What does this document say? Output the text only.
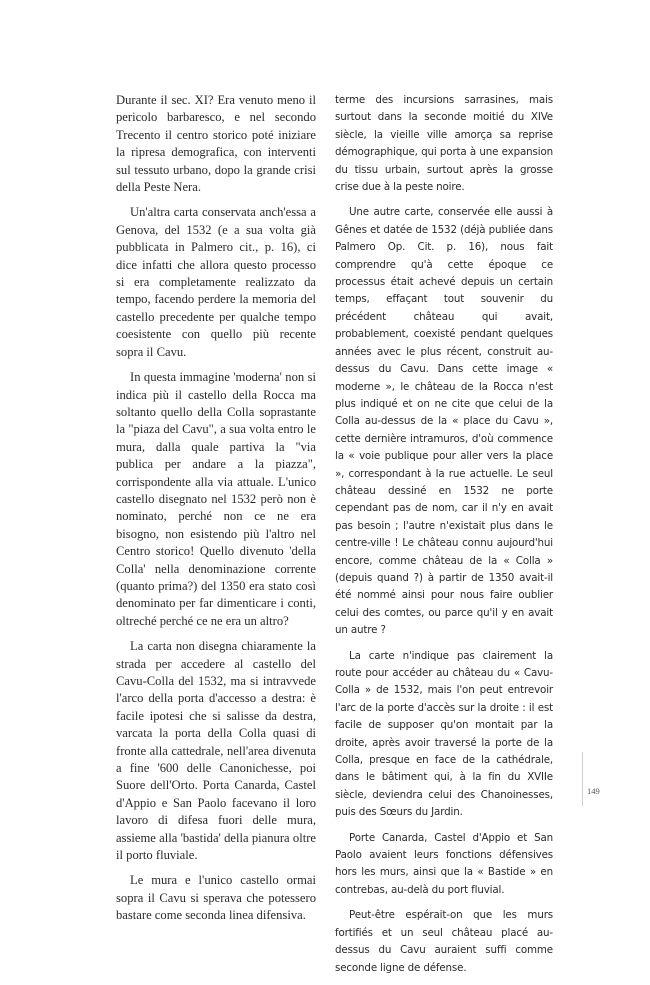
Durante il sec. XI? Era venuto meno il pericolo barbaresco, e nel secondo Trecento il centro storico poté iniziare la ripresa demografica, con interventi sul tessuto urbano, dopo la grande crisi della Peste Nera.

Un'altra carta conservata anch'essa a Genova, del 1532 (e a sua volta già pubblicata in Palmero cit., p. 16), ci dice infatti che allora questo processo si era completamente realizzato da tempo, facendo perdere la memoria del castello precedente per qualche tempo coesistente con quello più recente sopra il Cavu.

In questa immagine 'moderna' non si indica più il castello della Rocca ma soltanto quello della Colla soprastante la "piaza del Cavu", a sua volta entro le mura, dalla quale partiva la "via publica per andare a la piazza", corrispondente alla via attuale. L'unico castello disegnato nel 1532 però non è nominato, perché non ce ne era bisogno, non esistendo più l'altro nel Centro storico! Quello divenuto 'della Colla' nella denominazione corrente (quanto prima?) del 1350 era stato così denominato per far dimenticare i conti, oltreché perché ce ne era un altro?

La carta non disegna chiaramente la strada per accedere al castello del Cavu-Colla del 1532, ma si intravvede l'arco della porta d'accesso a destra: è facile ipotesi che si salisse da destra, varcata la porta della Colla quasi di fronte alla cattedrale, nell'area divenuta a fine '600 delle Canonichesse, poi Suore dell'Orto. Porta Canarda, Castel d'Appio e San Paolo facevano il loro lavoro di difesa fuori delle mura, assieme alla 'bastida' della pianura oltre il porto fluviale.

Le mura e l'unico castello ormai sopra il Cavu si sperava che potessero bastare come seconda linea difensiva.

terme des incursions sarrasines, mais surtout dans la seconde moitié du XIVe siècle, la vieille ville amorça sa reprise démographique, qui porta à une expansion du tissu urbain, surtout après la grosse crise due à la peste noire.

Une autre carte, conservée elle aussi à Gênes et datée de 1532 (déjà publiée dans Palmero Op. Cit. p. 16), nous fait comprendre qu'à cette époque ce processus était achevé depuis un certain temps, effaçant tout souvenir du précédent château qui avait, probablement, coexisté pendant quelques années avec le plus récent, construit au-dessus du Cavu. Dans cette image « moderne », le château de la Rocca n'est plus indiqué et on ne cite que celui de la Colla au-dessus de la « place du Cavu », cette dernière intramuros, d'où commence la « voie publique pour aller vers la place », correspondant à la rue actuelle. Le seul château dessiné en 1532 ne porte cependant pas de nom, car il n'y en avait pas besoin ; l'autre n'existait plus dans le centre-ville ! Le château connu aujourd'hui encore, comme château de la « Colla » (depuis quand ?) à partir de 1350 avait-il été nommé ainsi pour nous faire oublier celui des comtes, ou parce qu'il y en avait un autre ?

La carte n'indique pas clairement la route pour accéder au château du « Cavu-Colla » de 1532, mais l'on peut entrevoir l'arc de la porte d'accès sur la droite : il est facile de supposer qu'on montait par la droite, après avoir traversé la porte de la Colla, presque en face de la cathédrale, dans le bâtiment qui, à la fin du XVIIe siècle, deviendra celui des Chanoinesses, puis des Sœurs du Jardin.

Porte Canarda, Castel d'Appio et San Paolo avaient leurs fonctions défensives hors les murs, ainsi que la « Bastide » en contrebas, au-delà du port fluvial.

Peut-être espérait-on que les murs fortifiés et un seul château placé au-dessus du Cavu auraient suffi comme seconde ligne de défense.

149
